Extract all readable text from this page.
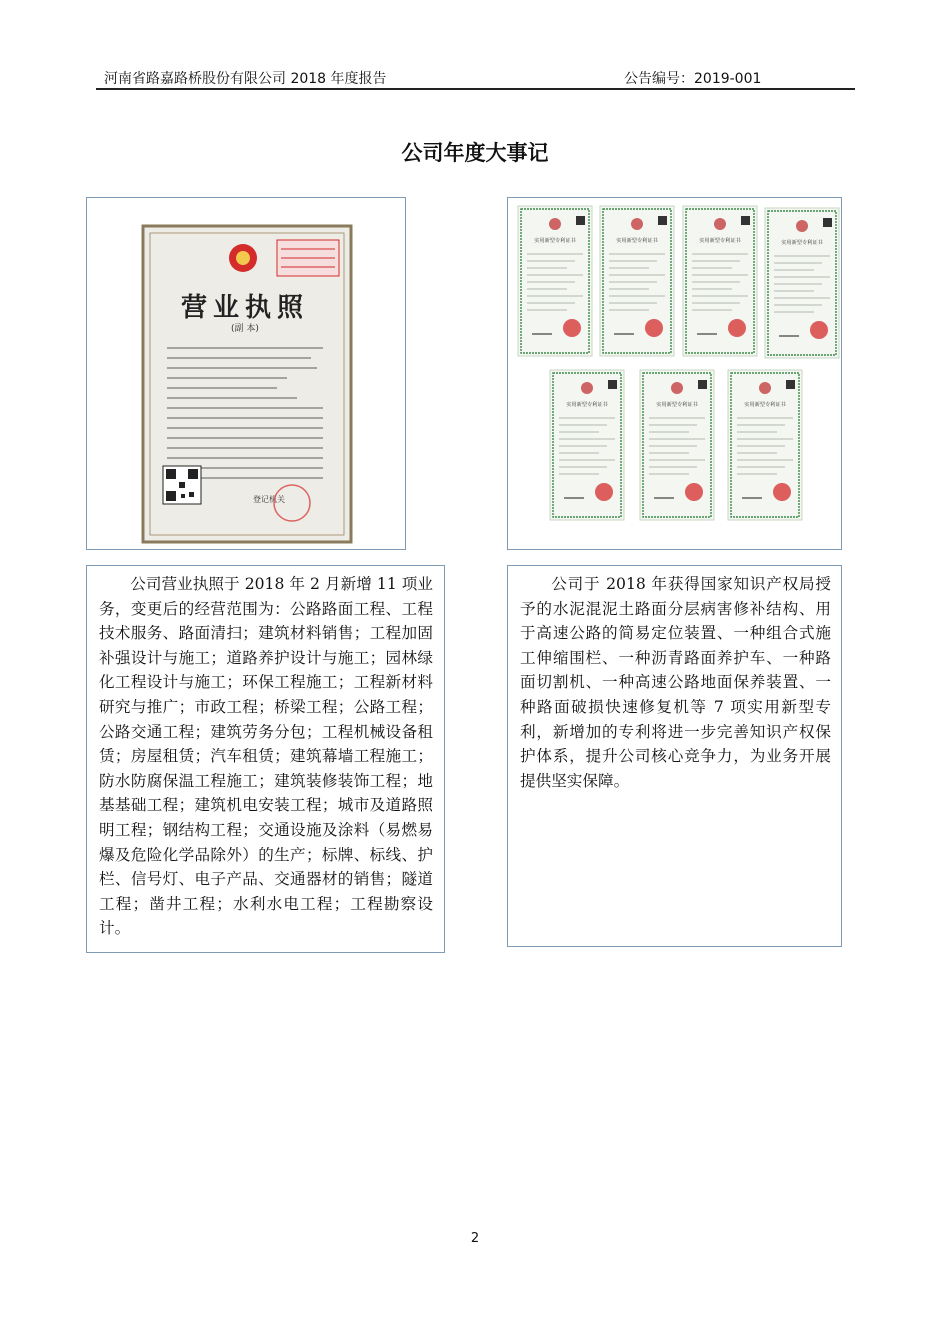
河南省路嘉路桥股份有限公司 2018 年度报告	公告编号：2019-001
公司年度大事记
营业执照
(副 本)
登记机关
实用新型专利证书	实用新型专利证书	实用新型专利证书	实用新型专利证书
实用新型专利证书	实用新型专利证书	实用新型专利证书
公司营业执照于 2018 年 2 月新增 11 项业务，变更后的经营范围为：公路路面工程、工程技术服务、路面清扫；建筑材料销售；工程加固补强设计与施工；道路养护设计与施工；园林绿化工程设计与施工；环保工程施工；工程新材料研究与推广；市政工程；桥梁工程；公路工程；公路交通工程；建筑劳务分包；工程机械设备租赁；房屋租赁；汽车租赁；建筑幕墙工程施工；防水防腐保温工程施工；建筑装修装饰工程；地基基础工程；建筑机电安装工程；城市及道路照明工程；钢结构工程；交通设施及涂料（易燃易爆及危险化学品除外）的生产；标牌、标线、护栏、信号灯、电子产品、交通器材的销售；隧道工程；凿井工程；水利水电工程；工程勘察设计。
公司于 2018 年获得国家知识产权局授予的水泥混泥土路面分层病害修补结构、用于高速公路的简易定位装置、一种组合式施工伸缩围栏、一种沥青路面养护车、一种路面切割机、一种高速公路地面保养装置、一种路面破损快速修复机等 7 项实用新型专利，新增加的专利将进一步完善知识产权保护体系，提升公司核心竞争力，为业务开展提供坚实保障。
2
